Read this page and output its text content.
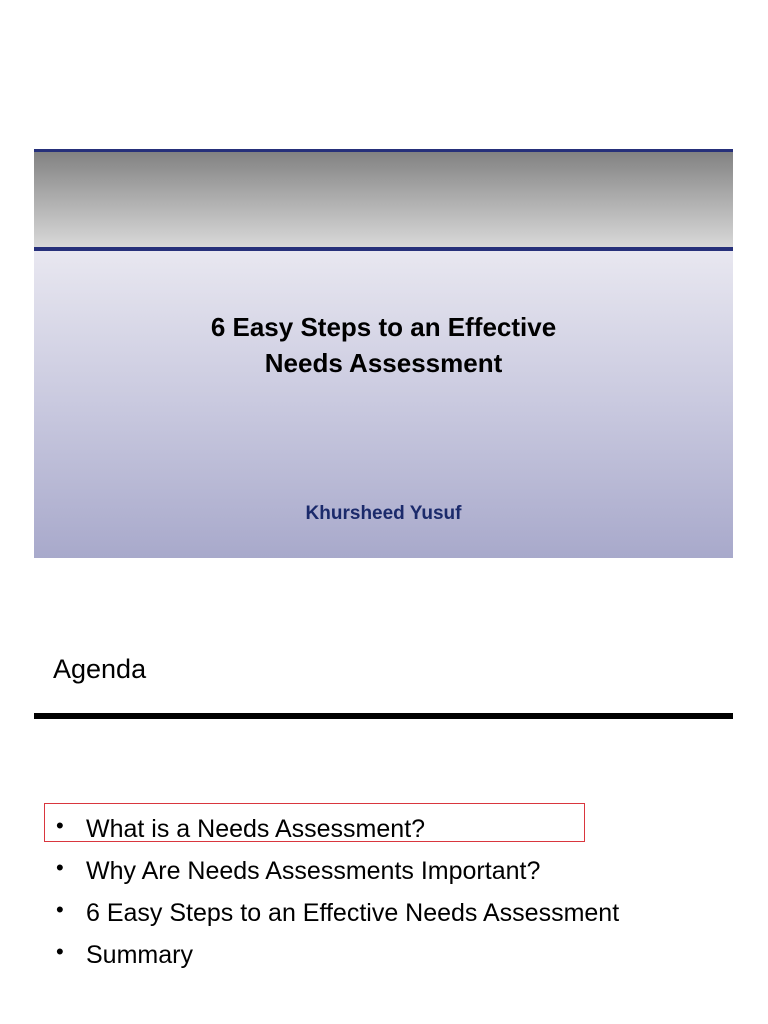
6 Easy Steps to an Effective
Needs Assessment
Khursheed Yusuf
Agenda
• What is a Needs Assessment?
• Why Are Needs Assessments Important?
• 6 Easy Steps to an Effective Needs Assessment
• Summary
